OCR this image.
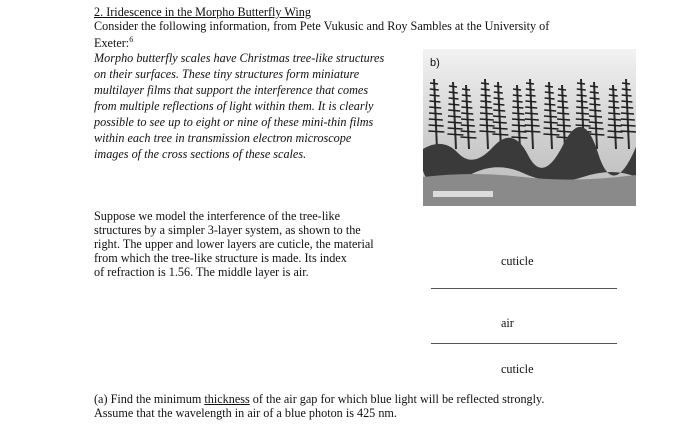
2. Iridescence in the Morpho Butterfly Wing
Consider the following information, from Pete Vukusic and Roy Sambles at the University of
Exeter:$^6$
Morpho butterfly scales have Christmas tree-like structures
on their surfaces. These tiny structures form miniature
multilayer films that support the interference that comes
from multiple reflections of light within them. It is clearly
possible to see up to eight or nine of these mini-thin films
within each tree in transmission electron microscope
images of the cross sections of these scales.
b)
Suppose we model the interference of the tree-like
structures by a simpler 3-layer system, as shown to the
right. The upper and lower layers are cuticle, the material
from which the tree-like structure is made. Its index
of refraction is 1.56. The middle layer is air.
cuticle
air
cuticle
(a) Find the minimum thickness of the air gap for which blue light will be reflected strongly.
Assume that the wavelength in air of a blue photon is 425 nm.
